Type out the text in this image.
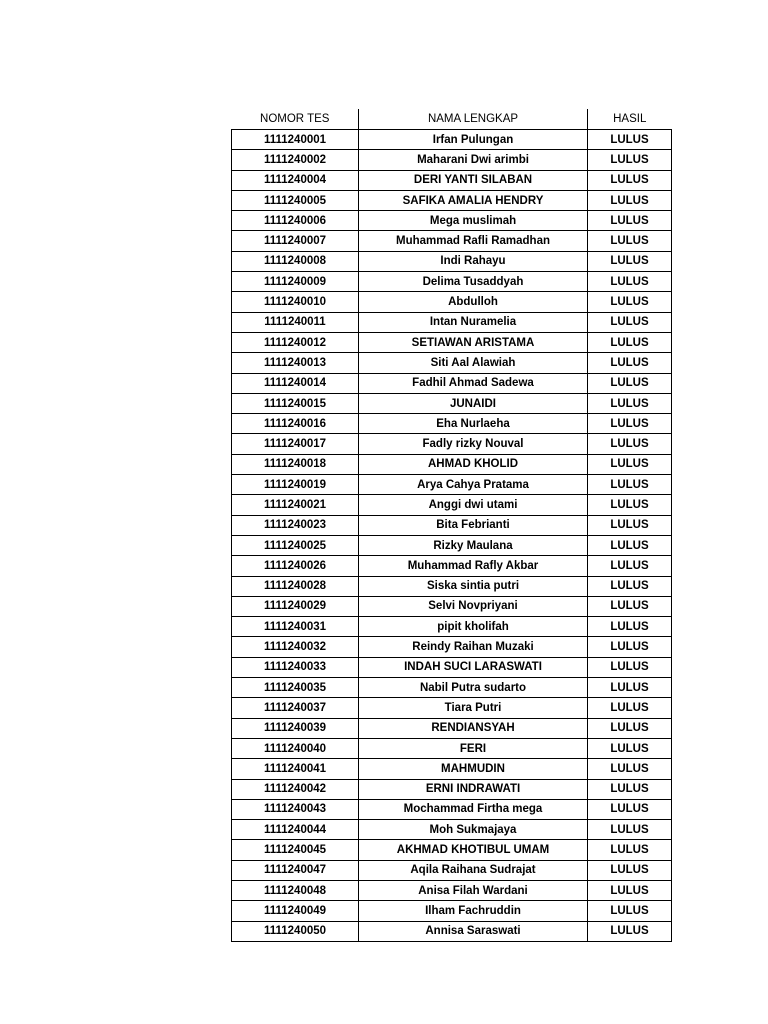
NOMOR TES	NAMA LENGKAP	HASIL
1111240001	Irfan Pulungan	LULUS
1111240002	Maharani Dwi arimbi	LULUS
1111240004	DERI YANTI SILABAN	LULUS
1111240005	SAFIKA AMALIA HENDRY	LULUS
1111240006	Mega muslimah	LULUS
1111240007	Muhammad Rafli Ramadhan	LULUS
1111240008	Indi Rahayu	LULUS
1111240009	Delima Tusaddyah	LULUS
1111240010	Abdulloh	LULUS
1111240011	Intan Nuramelia	LULUS
1111240012	SETIAWAN ARISTAMA	LULUS
1111240013	Siti Aal Alawiah	LULUS
1111240014	Fadhil Ahmad Sadewa	LULUS
1111240015	JUNAIDI	LULUS
1111240016	Eha Nurlaeha	LULUS
1111240017	Fadly rizky Nouval	LULUS
1111240018	AHMAD KHOLID	LULUS
1111240019	Arya Cahya Pratama	LULUS
1111240021	Anggi dwi utami	LULUS
1111240023	Bita Febrianti	LULUS
1111240025	Rizky Maulana	LULUS
1111240026	Muhammad Rafly Akbar	LULUS
1111240028	Siska sintia putri	LULUS
1111240029	Selvi Novpriyani	LULUS
1111240031	pipit kholifah	LULUS
1111240032	Reindy Raihan Muzaki	LULUS
1111240033	INDAH SUCI LARASWATI	LULUS
1111240035	Nabil Putra sudarto	LULUS
1111240037	Tiara Putri	LULUS
1111240039	RENDIANSYAH	LULUS
1111240040	FERI	LULUS
1111240041	MAHMUDIN	LULUS
1111240042	ERNI INDRAWATI	LULUS
1111240043	Mochammad Firtha mega	LULUS
1111240044	Moh Sukmajaya	LULUS
1111240045	AKHMAD KHOTIBUL UMAM	LULUS
1111240047	Aqila Raihana Sudrajat	LULUS
1111240048	Anisa Filah Wardani	LULUS
1111240049	Ilham Fachruddin	LULUS
1111240050	Annisa Saraswati	LULUS
